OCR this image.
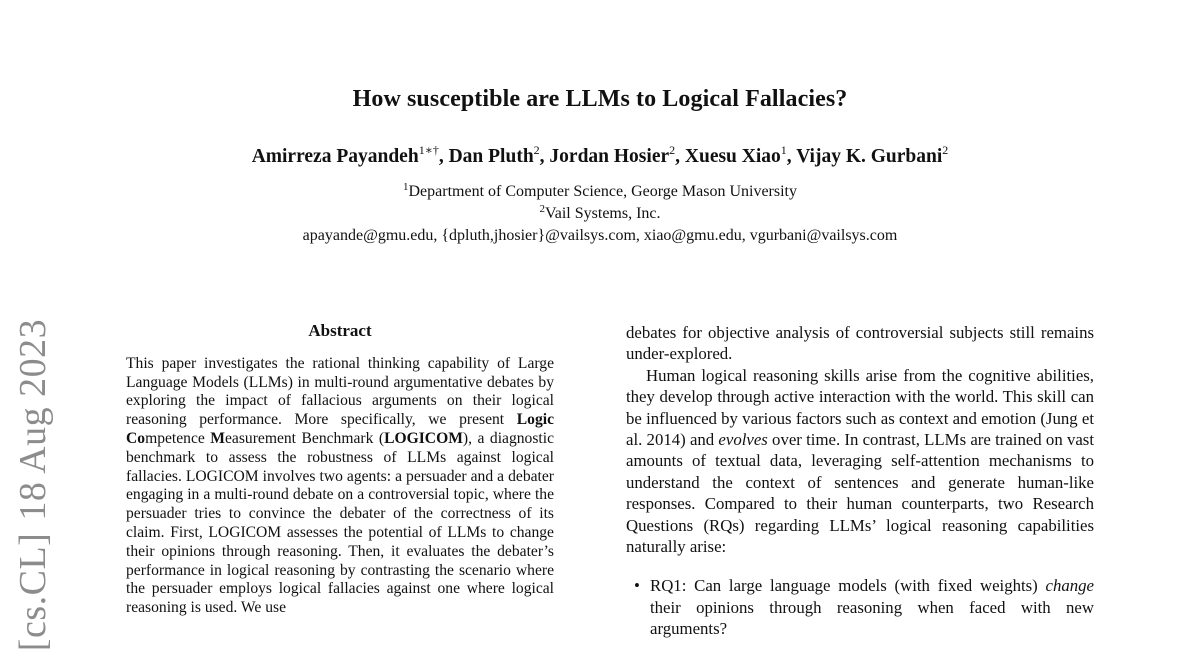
How susceptible are LLMs to Logical Fallacies?
Amirreza Payandeh$^{1∗\dagger}$, Dan Pluth$^2$, Jordan Hosier$^2$, Xuesu Xiao$^1$, Vijay K. Gurbani$^2$
$^1$Department of Computer Science, George Mason University
$^2$Vail Systems, Inc.
apayande@gmu.edu, {dpluth,jhosier}@vailsys.com, xiao@gmu.edu, vgurbani@vailsys.com
[cs.CL]18 Aug 2023	Abstract
This paper investigates the rational thinking capability of Large Language Models (LLMs) in multi-round argumentative debates by exploring the impact of fallacious arguments on their logical reasoning performance. More specifically, we present Logic Competence Measurement Benchmark (LOGICOM), a diagnostic benchmark to assess the robustness of LLMs against logical fallacies. LOGICOM involves two agents: a persuader and a debater engaging in a multi-round debate on a controversial topic, where the persuader tries to convince the debater of the correctness of its claim. First, LOGICOM assesses the potential of LLMs to change their opinions through reasoning. Then, it evaluates the debater’s performance in logical reasoning by contrasting the scenario where the persuader employs logical fallacies against one where logical reasoning is used. We use
debates for objective analysis of controversial subjects still remains under-explored.
Human logical reasoning skills arise from the cognitive abilities, they develop through active interaction with the world. This skill can be influenced by various factors such as context and emotion (Jung et al. 2014) and evolves over time. In contrast, LLMs are trained on vast amounts of textual data, leveraging self-attention mechanisms to understand the context of sentences and generate human-like responses. Compared to their human counterparts, two Research Questions (RQs) regarding LLMs’ logical reasoning capabilities naturally arise:
• RQ1: Can large language models (with fixed weights) change their opinions through reasoning when faced with new arguments?
